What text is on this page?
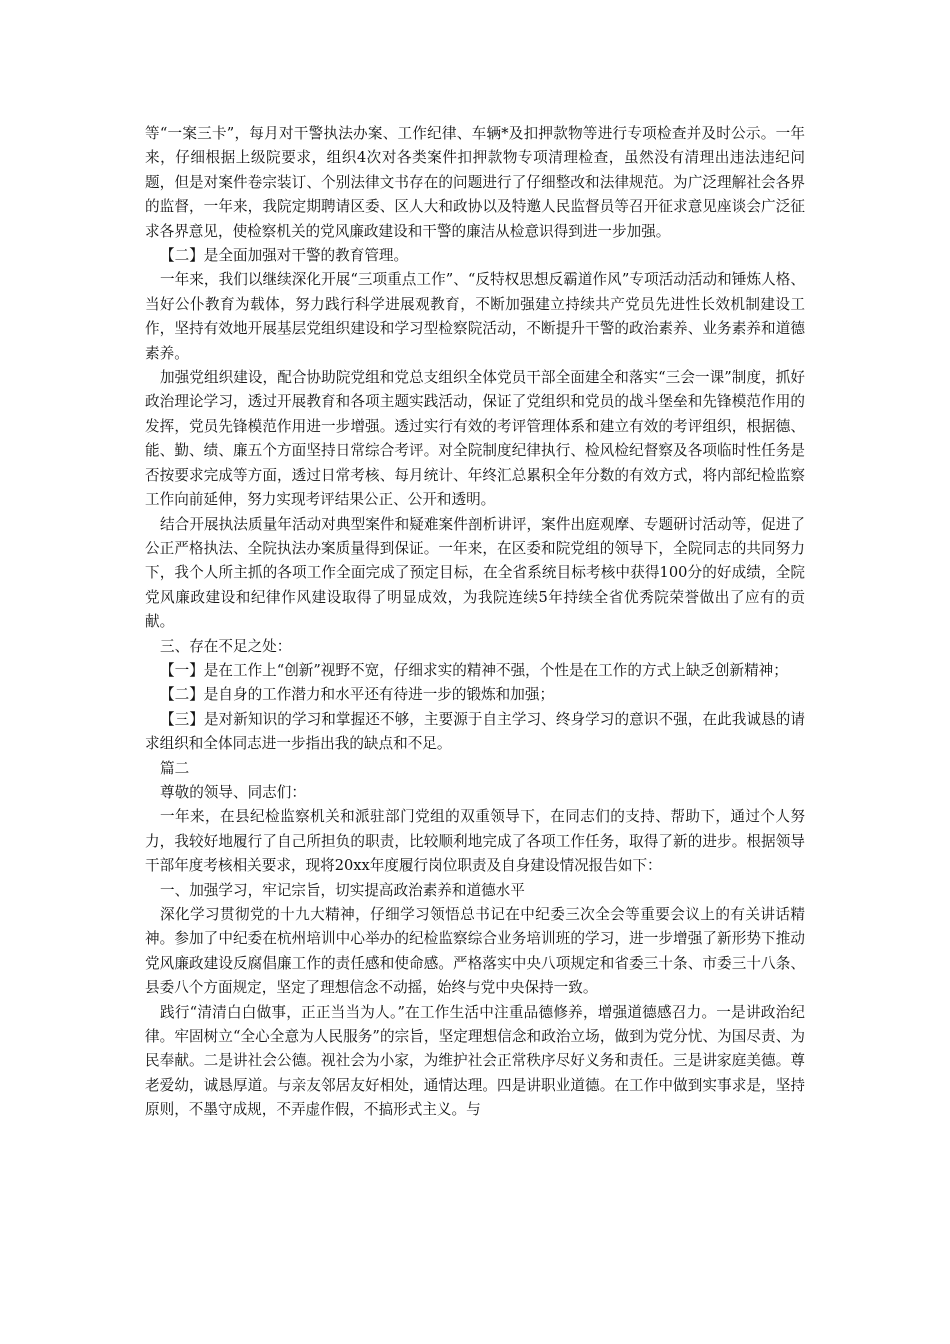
等“一案三卡”，每月对干警执法办案、工作纪律、车辆*及扣押款物等进行专项检查并及时公示。一年来，仔细根据上级院要求，组织4次对各类案件扣押款物专项清理检查，虽然没有清理出违法违纪问题，但是对案件卷宗装订、个别法律文书存在的问题进行了仔细整改和法律规范。为广泛理解社会各界的监督，一年来，我院定期聘请区委、区人大和政协以及特邀人民监督员等召开征求意见座谈会广泛征求各界意见，使检察机关的党风廉政建设和干警的廉洁从检意识得到进一步加强。

【二】是全面加强对干警的教育管理。

一年来，我们以继续深化开展“三项重点工作”、“反特权思想反霸道作风”专项活动活动和锤炼人格、当好公仆教育为载体，努力践行科学进展观教育，不断加强建立持续共产党员先进性长效机制建设工作，坚持有效地开展基层党组织建设和学习型检察院活动，不断提升干警的政治素养、业务素养和道德素养。

加强党组织建设，配合协助院党组和党总支组织全体党员干部全面建全和落实“三会一课”制度，抓好政治理论学习，透过开展教育和各项主题实践活动，保证了党组织和党员的战斗堡垒和先锋模范作用的发挥，党员先锋模范作用进一步增强。透过实行有效的考评管理体系和建立有效的考评组织，根据德、能、勤、绩、廉五个方面坚持日常综合考评。对全院制度纪律执行、检风检纪督察及各项临时性任务是否按要求完成等方面，透过日常考核、每月统计、年终汇总累积全年分数的有效方式，将内部纪检监察工作向前延伸，努力实现考评结果公正、公开和透明。

结合开展执法质量年活动对典型案件和疑难案件剖析讲评，案件出庭观摩、专题研讨活动等，促进了公正严格执法、全院执法办案质量得到保证。一年来，在区委和院党组的领导下，全院同志的共同努力下，我个人所主抓的各项工作全面完成了预定目标，在全省系统目标考核中获得100分的好成绩，全院党风廉政建设和纪律作风建设取得了明显成效，为我院连续5年持续全省优秀院荣誉做出了应有的贡献。

三、存在不足之处：

【一】是在工作上“创新”视野不宽，仔细求实的精神不强，个性是在工作的方式上缺乏创新精神；

【二】是自身的工作潜力和水平还有待进一步的锻炼和加强；

【三】是对新知识的学习和掌握还不够，主要源于自主学习、终身学习的意识不强，在此我诚恳的请求组织和全体同志进一步指出我的缺点和不足。

篇二

尊敬的领导、同志们：

一年来，在县纪检监察机关和派驻部门党组的双重领导下，在同志们的支持、帮助下，通过个人努力，我较好地履行了自己所担负的职责，比较顺利地完成了各项工作任务，取得了新的进步。根据领导干部年度考核相关要求，现将20xx年度履行岗位职责及自身建设情况报告如下：

一、加强学习，牢记宗旨，切实提高政治素养和道德水平

深化学习贯彻党的十九大精神，仔细学习领悟总书记在中纪委三次全会等重要会议上的有关讲话精神。参加了中纪委在杭州培训中心举办的纪检监察综合业务培训班的学习，进一步增强了新形势下推动党风廉政建设反腐倡廉工作的责任感和使命感。严格落实中央八项规定和省委三十条、市委三十八条、县委八个方面规定，坚定了理想信念不动摇，始终与党中央保持一致。

践行“清清白白做事，正正当当为人。”在工作生活中注重品德修养，增强道德感召力。一是讲政治纪律。牢固树立“全心全意为人民服务”的宗旨，坚定理想信念和政治立场，做到为党分忧、为国尽责、为民奉献。二是讲社会公德。视社会为小家，为维护社会正常秩序尽好义务和责任。三是讲家庭美德。尊老爱幼，诚恳厚道。与亲友邻居友好相处，通情达理。四是讲职业道德。在工作中做到实事求是，坚持原则，不墨守成规，不弄虚作假，不搞形式主义。与
